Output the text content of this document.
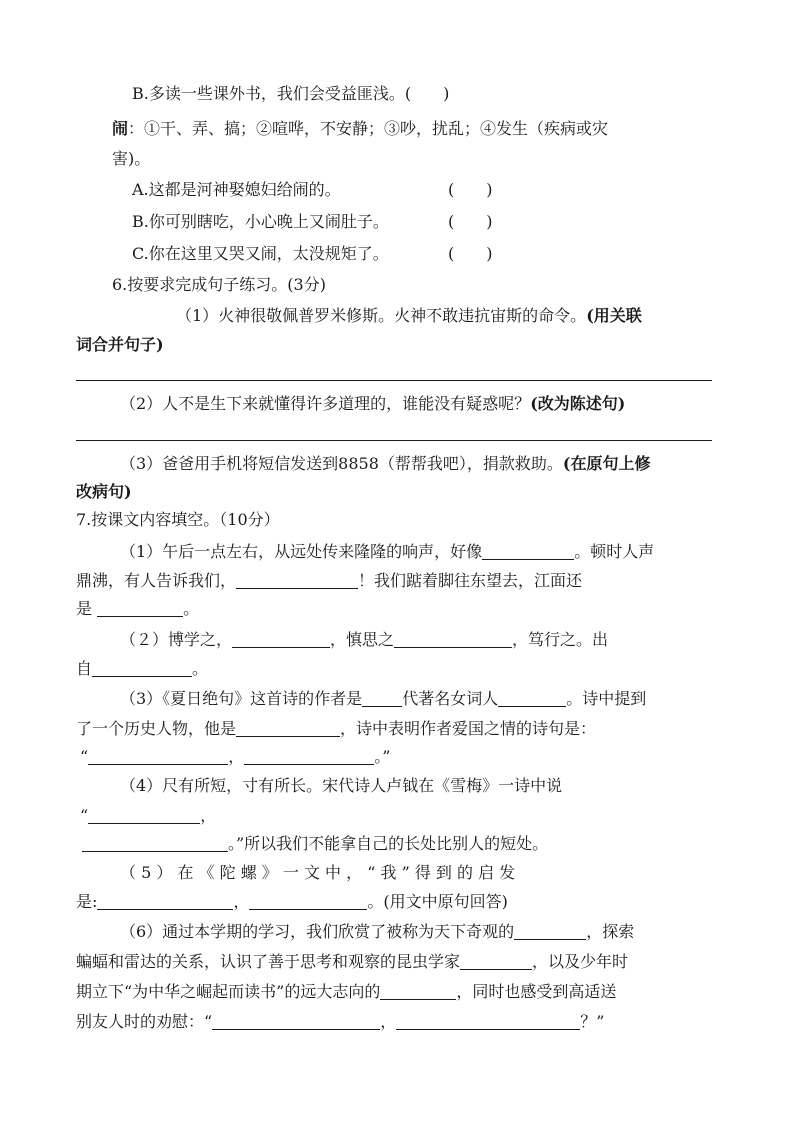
B.多读一些课外书，我们会受益匪浅。(　　)
闹：①干、弄、搞；②喧哗，不安静；③吵，扰乱；④发生（疾病或灾
害)。
A.这都是河神娶媳妇给闹的。	(　　)
B.你可别瞎吃，小心晚上又闹肚子。	(　　)
C.你在这里又哭又闹，太没规矩了。	(　　)
6.按要求完成句子练习。(3分)
（1）火神很敬佩普罗米修斯。火神不敢违抗宙斯的命令。(用关联
词合并句子)
（2）人不是生下来就懂得许多道理的，谁能没有疑惑呢？(改为陈述句)
（3）爸爸用手机将短信发送到8858（帮帮我吧），捐款救助。(在原句上修
改病句)
7.按课文内容填空。（10分）
（1）午后一点左右，从远处传来隆隆的响声，好像	。顿时人声
鼎沸，有人告诉我们，	！我们踮着脚往东望去，江面还
是	。
（２）博学之，	，慎思之	，笃行之。出
自	。
（3）《夏日绝句》这首诗的作者是	代著名女词人	。诗中提到
了一个历史人物，他是	，诗中表明作者爱国之情的诗句是：
“	，	。”
（4）尺有所短，寸有所长。宋代诗人卢钺在《雪梅》一诗中说
“	，
。”所以我们不能拿自己的长处比别人的短处。
（ 5 ） 在 《 陀 螺 》 一 文 中 ， “ 我 ” 得 到 的 启 发
是:	，	。(用文中原句回答)
（6）通过本学期的学习，我们欣赏了被称为天下奇观的	，探索
蝙蝠和雷达的关系，认识了善于思考和观察的昆虫学家	，以及少年时
期立下“为中华之崛起而读书”的远大志向的	，同时也感受到高适送
别友人时的劝慰：“	，	？”
